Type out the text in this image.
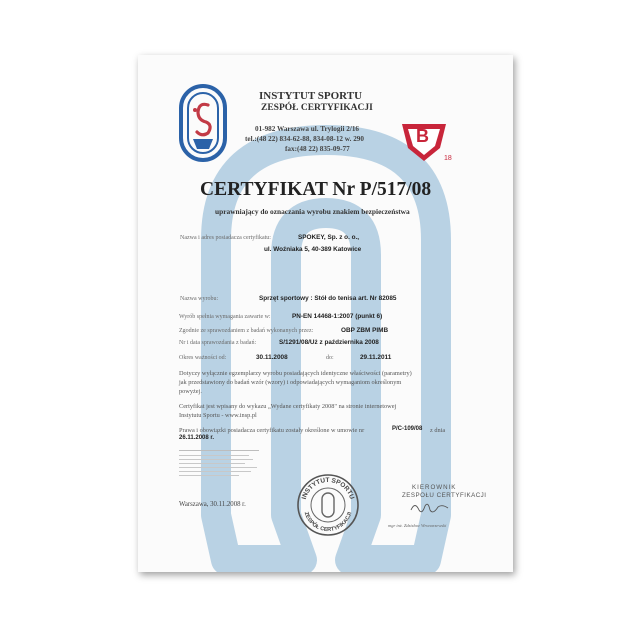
INSTYTUT SPORTU
ZESPÓŁ CERTYFIKACJI
01-982 Warszawa ul. Trylogii 2/16
tel.:(48 22) 834-62-88, 834-08-12 w. 290
fax:(48 22) 835-09-77
B
18
CERTYFIKAT Nr P/517/08
uprawniający do oznaczania wyrobu znakiem bezpieczeństwa
Nazwa i adres posiadacza certyfikatu:	SPOKEY, Sp. z o. o.,
ul. Woźniaka 5, 40-389 Katowice
Nazwa wyrobu:	Sprzęt sportowy : Stół do tenisa art. Nr 82085
Wyrób spełnia wymagania zawarte w:	PN-EN 14468-1:2007 (punkt 6)
Zgodnie ze sprawozdaniem z badań wykonanych przez:	OBP ZBM PIMB
Nr i data sprawozdania z badań:	S/1291/08/Uż z października 2008
Okres ważności od:	30.11.2008	do:	29.11.2011
Dotyczy wyłącznie egzemplarzy wyrobu posiadających identyczne właściwości (parametry)
jak przedstawiony do badań wzór (wzory) i odpowiadających wymaganiom określonym
powyżej.
Certyfikat jest wpisany do wykazu „Wydane certyfikaty 2008" na stronie internetowej
Instytutu Sportu - www.insp.pl
Prawa i obowiązki posiadacza certyfikatu zostały określone w umowie nr	P/C-109/08 z dnia
26.11.2008 r.
Warszawa, 30.11.2008 r.
INSTYTUT SPORTU
ZESPÓŁ CERTYFIKACJI
KIEROWNIK
ZESPOŁU CERTYFIKACJI
mgr inż. Zdzisław Wronarzewski
